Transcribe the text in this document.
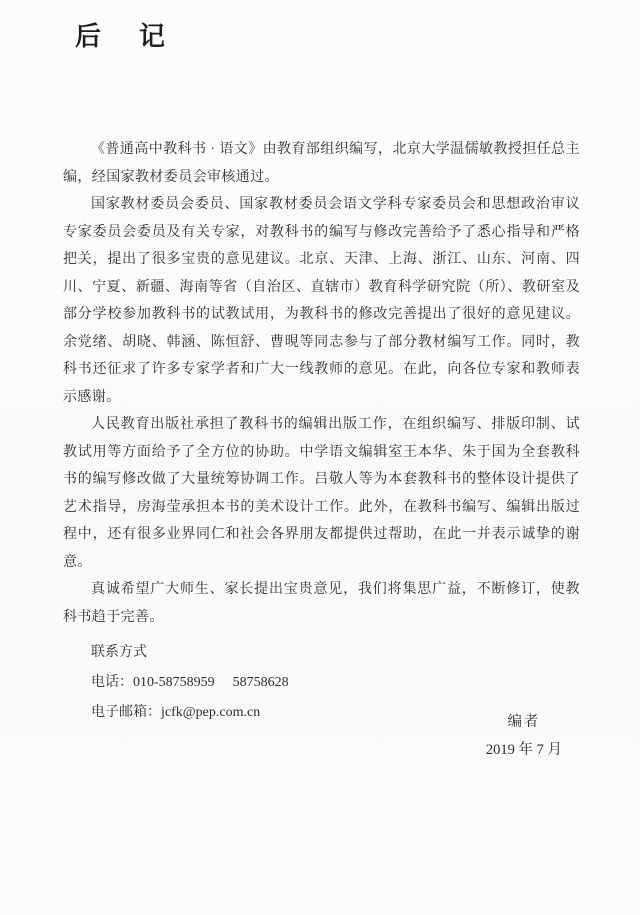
后　记

《普通高中教科书 · 语文》由教育部组织编写，北京大学温儒敏教授担任总主编，经国家教材委员会审核通过。

国家教材委员会委员、国家教材委员会语文学科专家委员会和思想政治审议专家委员会委员及有关专家，对教科书的编写与修改完善给予了悉心指导和严格把关，提出了很多宝贵的意见建议。北京、天津、上海、浙江、山东、河南、四川、宁夏、新疆、海南等省（自治区、直辖市）教育科学研究院（所）、教研室及部分学校参加教科书的试教试用，为教科书的修改完善提出了很好的意见建议。余党绪、胡晓、韩涵、陈恒舒、曹晛等同志参与了部分教材编写工作。同时，教科书还征求了许多专家学者和广大一线教师的意见。在此，向各位专家和教师表示感谢。

人民教育出版社承担了教科书的编辑出版工作，在组织编写、排版印制、试教试用等方面给予了全方位的协助。中学语文编辑室王本华、朱于国为全套教科书的编写修改做了大量统筹协调工作。吕敬人等为本套教科书的整体设计提供了艺术指导，房海莹承担本书的美术设计工作。此外，在教科书编写、编辑出版过程中，还有很多业界同仁和社会各界朋友都提供过帮助，在此一并表示诚挚的谢意。

真诚希望广大师生、家长提出宝贵意见，我们将集思广益，不断修订，使教科书趋于完善。

联系方式
电话：010-58758959 58758628
电子邮箱：jcfk@pep.com.cn
编者
2019 年 7 月
